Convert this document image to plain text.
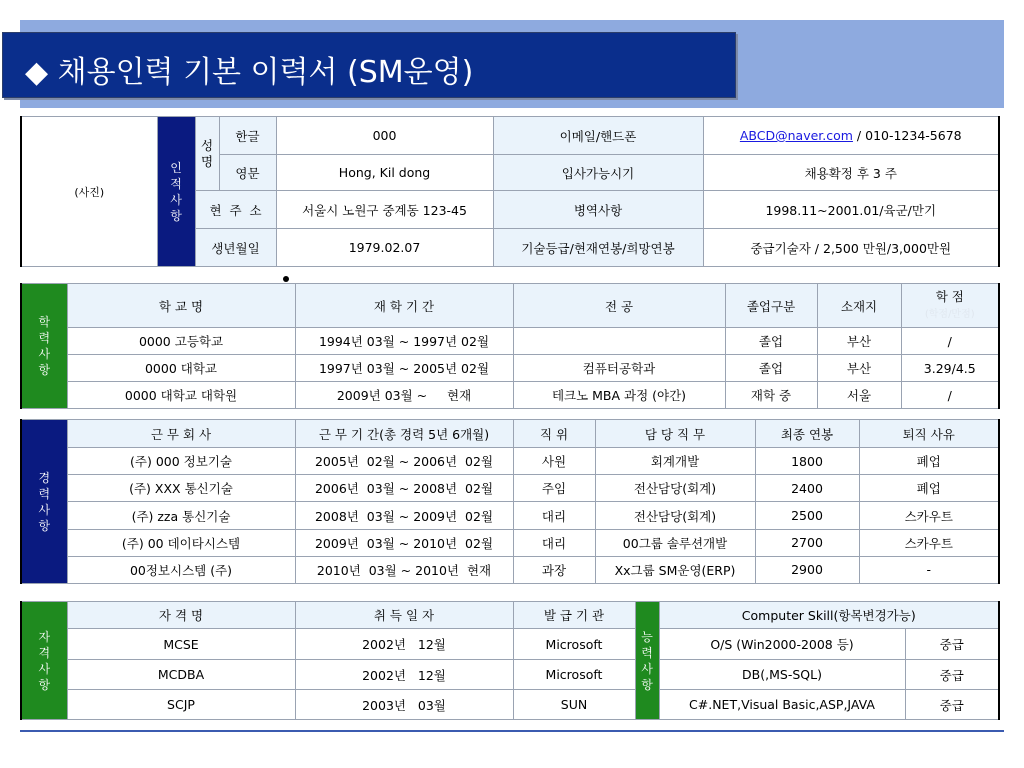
◆ 채용인력 기본 이력서 (SM운영)
(사진)	인적사항	성명	한글	000	이메일/핸드폰	ABCD@naver.com / 010-1234-5678
			영문	Hong, Kil dong	입사가능시기	채용확정 후 3 주
		현  주  소		서울시 노원구 중계동 123-45	병역사항	1998.11~2001.01/육군/만기
		생년월일		1979.02.07	기술등급/현재연봉/희망연봉	중급기술자 / 2,500 만원/3,000만원
학력사항	학 교 명	재 학 기 간	전 공	졸업구분	소재지	학 점
(학점/만점)
	0000 고등학교	1994년 03월 ~ 1997년 02월		졸업	부산	/
	0000 대학교	1997년 03월 ~ 2005년 02월	컴퓨터공학과	졸업	부산	3.29/4.5
	0000 대학교 대학원	2009년 03월 ~     현재	테크노 MBA 과정 (야간)	재학 중	서울	/
경력사항	근 무 회 사	근 무 기 간(총 경력 5년 6개월)	직 위	담 당 직 무	최종 연봉	퇴직 사유
	(주) 000 정보기술	2005년  02월 ~ 2006년  02월	사원	회계개발	1800	폐업
	(주) XXX 통신기술	2006년  03월 ~ 2008년  02월	주임	전산담당(회계)	2400	폐업
	(주) zza 통신기술	2008년  03월 ~ 2009년  02월	대리	전산담당(회계)	2500	스카우트
	(주) 00 데이타시스템	2009년  03월 ~ 2010년  02월	대리	00그룹 솔루션개발	2700	스카우트
	00정보시스템 (주)	2010년  03월 ~ 2010년  현재	과장	Xx그룹 SM운영(ERP)	2900	-
자격사항	자 격 명	취 득 일 자	발 급 기 관	능력사항	Computer Skill(항목변경가능)	
	MCSE	2002년   12월	Microsoft		O/S (Win2000-2008 등)	중급
	MCDBA	2002년   12월	Microsoft		DB(,MS-SQL)	중급
	SCJP	2003년   03월	SUN		C#.NET,Visual Basic,ASP,JAVA	중급
